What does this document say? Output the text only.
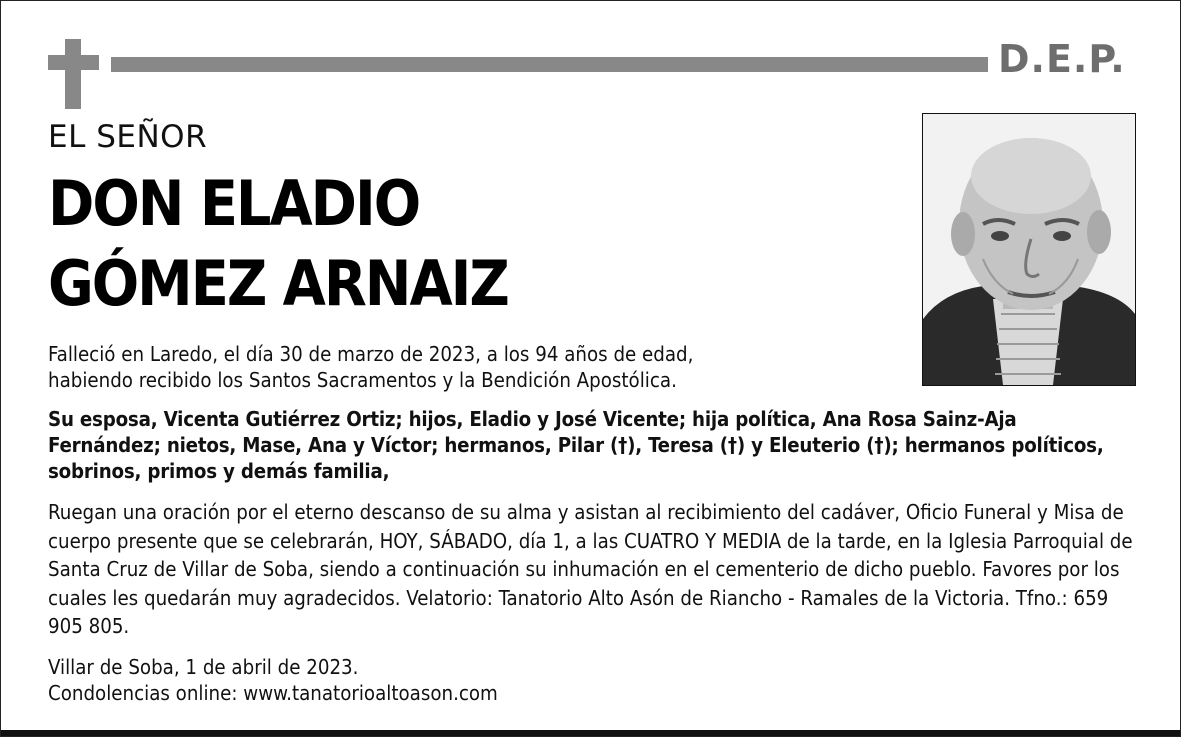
D.E.P.
EL SEÑOR
DON ELADIO
GÓMEZ ARNAIZ
Falleció en Laredo, el día 30 de marzo de 2023, a los 94 años de edad,
habiendo recibido los Santos Sacramentos y la Bendición Apostólica.
Su esposa, Vicenta Gutiérrez Ortiz; hijos, Eladio y José Vicente; hija política, Ana Rosa Sainz-Aja Fernández; nietos, Mase, Ana y Víctor; hermanos, Pilar (†), Teresa (†) y Eleuterio (†); hermanos políticos, sobrinos, primos y demás familia,
Ruegan una oración por el eterno descanso de su alma y asistan al recibimiento del cadáver, Oficio Funeral y Misa de cuerpo presente que se celebrarán, HOY, SÁBADO, día 1, a las CUATRO Y MEDIA de la tarde, en la Iglesia Parroquial de Santa Cruz de Villar de Soba, siendo a continuación su inhumación en el cementerio de dicho pueblo. Favores por los cuales les quedarán muy agradecidos. Velatorio: Tanatorio Alto Asón de Riancho - Ramales de la Victoria. Tfno.: 659 905 805.
Villar de Soba, 1 de abril de 2023.
Condolencias online: www.tanatorioaltoason.com
